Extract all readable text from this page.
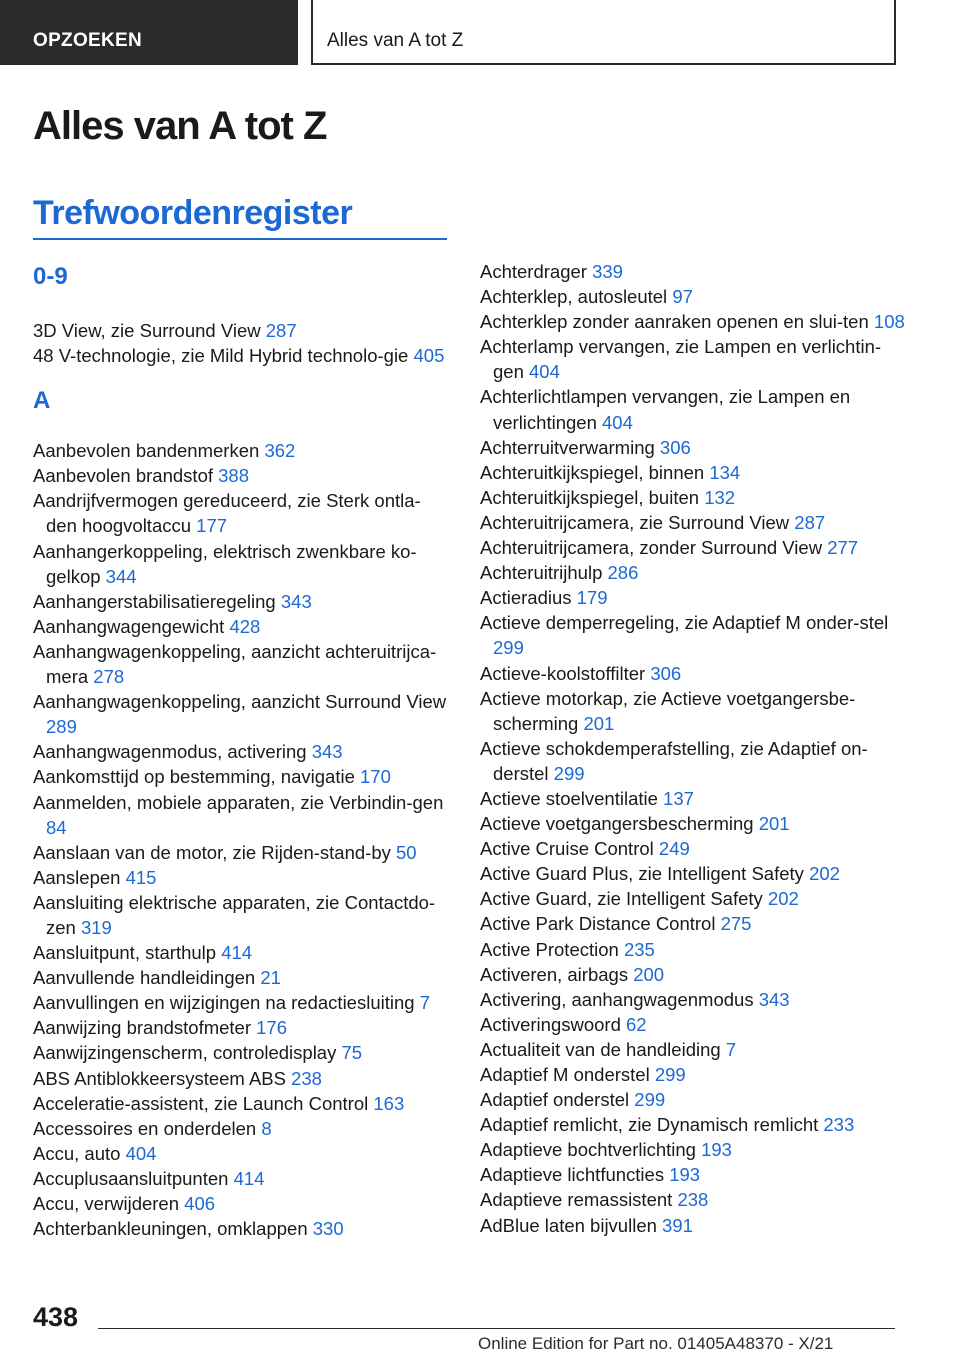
OPZOEKEN	Alles van A tot Z
Alles van A tot Z
Trefwoordenregister
0-9
3D View, zie Surround View 287
48 V-technologie, zie Mild Hybrid technolo-gie 405
A
Aanbevolen bandenmerken 362
Aanbevolen brandstof 388
Aandrijfvermogen gereduceerd, zie Sterk ontla-den hoogvoltaccu 177
Aanhangerkoppeling, elektrisch zwenkbare ko-gelkop 344
Aanhangerstabilisatieregeling 343
Aanhangwagengewicht 428
Aanhangwagenkoppeling, aanzicht achteruitrijca-mera 278
Aanhangwagenkoppeling, aanzicht Surround View 289
Aanhangwagenmodus, activering 343
Aankomsttijd op bestemming, navigatie 170
Aanmelden, mobiele apparaten, zie Verbindin-gen 84
Aanslaan van de motor, zie Rijden-stand-by 50
Aanslepen 415
Aansluiting elektrische apparaten, zie Contactdo-zen 319
Aansluitpunt, starthulp 414
Aanvullende handleidingen 21
Aanvullingen en wijzigingen na redactiesluiting 7
Aanwijzing brandstofmeter 176
Aanwijzingenscherm, controledisplay 75
ABS Antiblokkeersysteem ABS 238
Acceleratie-assistent, zie Launch Control 163
Accessoires en onderdelen 8
Accu, auto 404
Accuplusaansluitpunten 414
Accu, verwijderen 406
Achterbankleuningen, omklappen 330
Achterdrager 339
Achterklep, autosleutel 97
Achterklep zonder aanraken openen en slui-ten 108
Achterlamp vervangen, zie Lampen en verlichtin-gen 404
Achterlichtlampen vervangen, zie Lampen en verlichtingen 404
Achterruitverwarming 306
Achteruitkijkspiegel, binnen 134
Achteruitkijkspiegel, buiten 132
Achteruitrijcamera, zie Surround View 287
Achteruitrijcamera, zonder Surround View 277
Achteruitrijhulp 286
Actieradius 179
Actieve demperregeling, zie Adaptief M onder-stel 299
Actieve-koolstoffilter 306
Actieve motorkap, zie Actieve voetgangersbe-scherming 201
Actieve schokdemperafstelling, zie Adaptief on-derstel 299
Actieve stoelventilatie 137
Actieve voetgangersbescherming 201
Active Cruise Control 249
Active Guard Plus, zie Intelligent Safety 202
Active Guard, zie Intelligent Safety 202
Active Park Distance Control 275
Active Protection 235
Activeren, airbags 200
Activering, aanhangwagenmodus 343
Activeringswoord 62
Actualiteit van de handleiding 7
Adaptief M onderstel 299
Adaptief onderstel 299
Adaptief remlicht, zie Dynamisch remlicht 233
Adaptieve bochtverlichting 193
Adaptieve lichtfuncties 193
Adaptieve remassistent 238
AdBlue laten bijvullen 391
438
Online Edition for Part no. 01405A48370 - X/21
